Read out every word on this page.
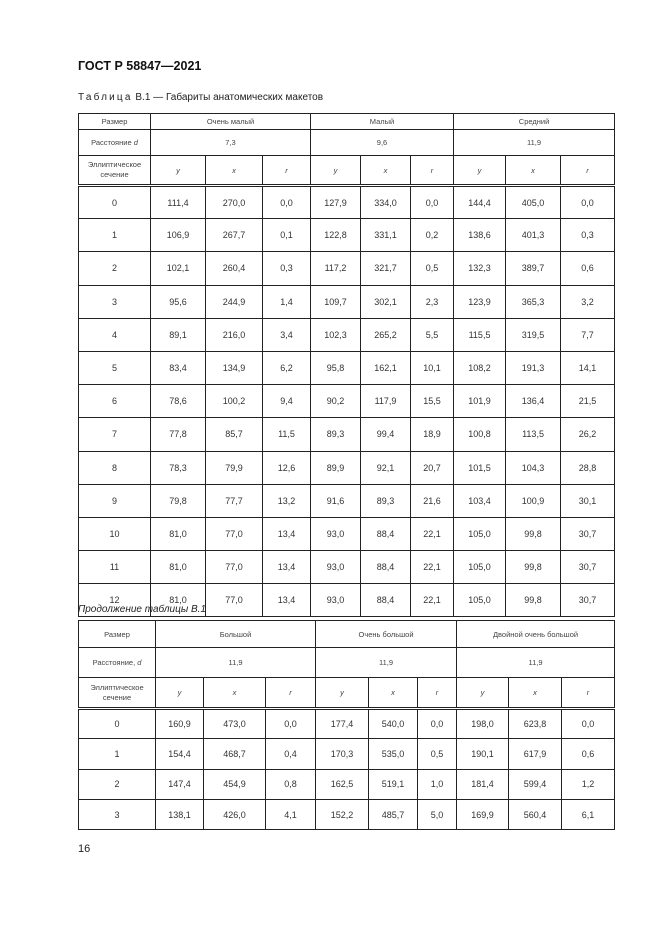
ГОСТ Р 58847—2021
Таблица В.1 — Габариты анатомических макетов
Размер	Очень малый			Малый			Средний		
Расстояние d	7,3			9,6			11,9		
Эллиптическое
сечение	y	x	r	y	x	r	y	x	r
0	111,4	270,0	0,0	127,9	334,0	0,0	144,4	405,0	0,0
1	106,9	267,7	0,1	122,8	331,1	0,2	138,6	401,3	0,3
2	102,1	260,4	0,3	117,2	321,7	0,5	132,3	389,7	0,6
3	95,6	244,9	1,4	109,7	302,1	2,3	123,9	365,3	3,2
4	89,1	216,0	3,4	102,3	265,2	5,5	115,5	319,5	7,7
5	83,4	134,9	6,2	95,8	162,1	10,1	108,2	191,3	14,1
6	78,6	100,2	9,4	90,2	117,9	15,5	101,9	136,4	21,5
7	77,8	85,7	11,5	89,3	99,4	18,9	100,8	113,5	26,2
8	78,3	79,9	12,6	89,9	92,1	20,7	101,5	104,3	28,8
9	79,8	77,7	13,2	91,6	89,3	21,6	103,4	100,9	30,1
10	81,0	77,0	13,4	93,0	88,4	22,1	105,0	99,8	30,7
11	81,0	77,0	13,4	93,0	88,4	22,1	105,0	99,8	30,7
12	81,0	77,0	13,4	93,0	88,4	22,1	105,0	99,8	30,7
Продолжение таблицы В.1
Размер	Большой			Очень большой			Двойной очень большой		
Расстояние, d	11,9			11,9			11,9		
Эллиптическое
сечение	y	x	r	y	x	r	y	x	r
0	160,9	473,0	0,0	177,4	540,0	0,0	198,0	623,8	0,0
1	154,4	468,7	0,4	170,3	535,0	0,5	190,1	617,9	0,6
2	147,4	454,9	0,8	162,5	519,1	1,0	181,4	599,4	1,2
3	138,1	426,0	4,1	152,2	485,7	5,0	169,9	560,4	6,1
16
